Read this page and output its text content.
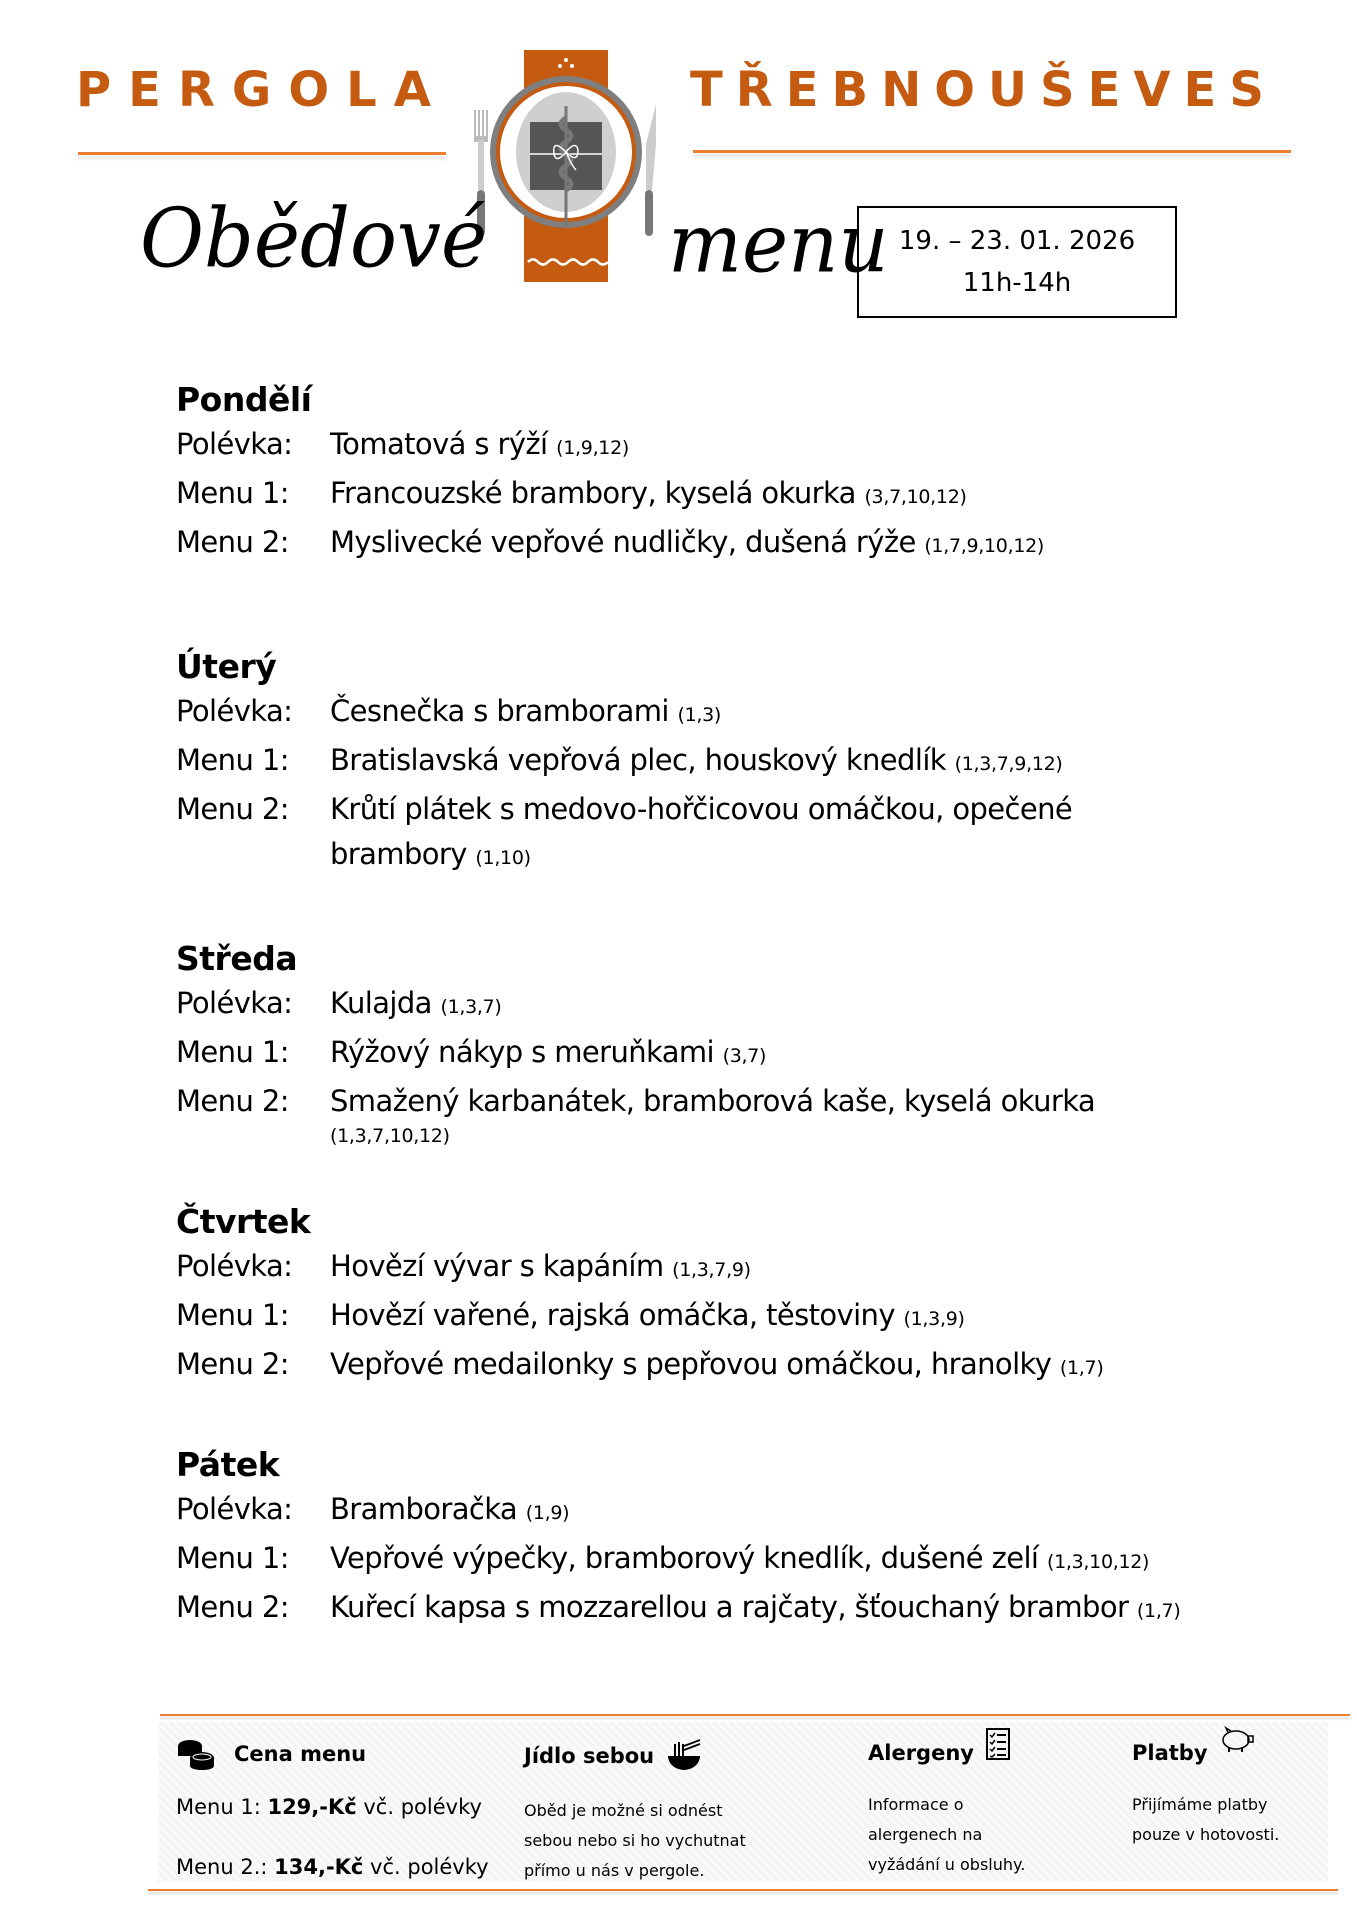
PERGOLA	TŘEBNOUŠEVES
Obědové menu 19. – 23. 01. 2026
11h-14h
Pondělí
Polévka:	Tomatová s rýží (1,9,12)
Menu 1:	Francouzské brambory, kyselá okurka (3,7,10,12)
Menu 2:	Myslivecké vepřové nudličky, dušená rýže (1,7,9,10,12)
Úterý
Polévka:	Česnečka s bramborami (1,3)
Menu 1:	Bratislavská vepřová plec, houskový knedlík (1,3,7,9,12)
Menu 2:	Krůtí plátek s medovo-hořčicovou omáčkou, opečené brambory (1,10)
Středa
Polévka:	Kulajda (1,3,7)
Menu 1:	Rýžový nákyp s meruňkami (3,7)
Menu 2:	Smažený karbanátek, bramborová kaše, kyselá okurka
(1,3,7,10,12)
Čtvrtek
Polévka:	Hovězí vývar s kapáním (1,3,7,9)
Menu 1:	Hovězí vařené, rajská omáčka, těstoviny (1,3,9)
Menu 2:	Vepřové medailonky s pepřovou omáčkou, hranolky (1,7)
Pátek
Polévka:	Bramboračka (1,9)
Menu 1:	Vepřové výpečky, bramborový knedlík, dušené zelí (1,3,10,12)
Menu 2:	Kuřecí kapsa s mozzarellou a rajčaty, šťouchaný brambor (1,7)
Cena menu
Menu 1: 129,-Kč vč. polévky
Menu 2.: 134,-Kč vč. polévky
Jídlo sebou
Oběd je možné si odnést
sebou nebo si ho vychutnat
přímo u nás v pergole.
Alergeny
Informace o
alergenech na
vyžádání u obsluhy.
Platby
Přijímáme platby
pouze v hotovosti.
